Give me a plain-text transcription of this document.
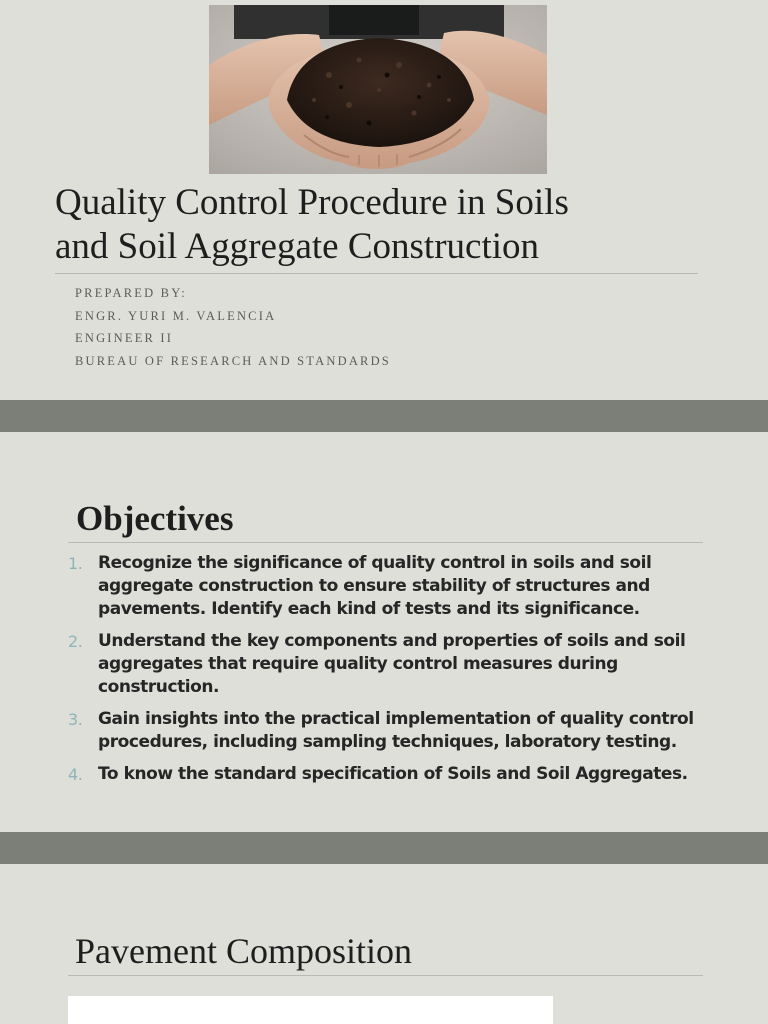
Quality Control Procedure in Soils
and Soil Aggregate Construction
PREPARED BY:
ENGR. YURI M. VALENCIA
ENGINEER II
BUREAU OF RESEARCH AND STANDARDS
Objectives
1. Recognize the significance of quality control in soils and soil aggregate construction to ensure stability of structures and pavements. Identify each kind of tests and its significance.
2. Understand the key components and properties of soils and soil aggregates that require quality control measures during construction.
3. Gain insights into the practical implementation of quality control procedures, including sampling techniques, laboratory testing.
4. To know the standard specification of Soils and Soil Aggregates.
Pavement Composition
